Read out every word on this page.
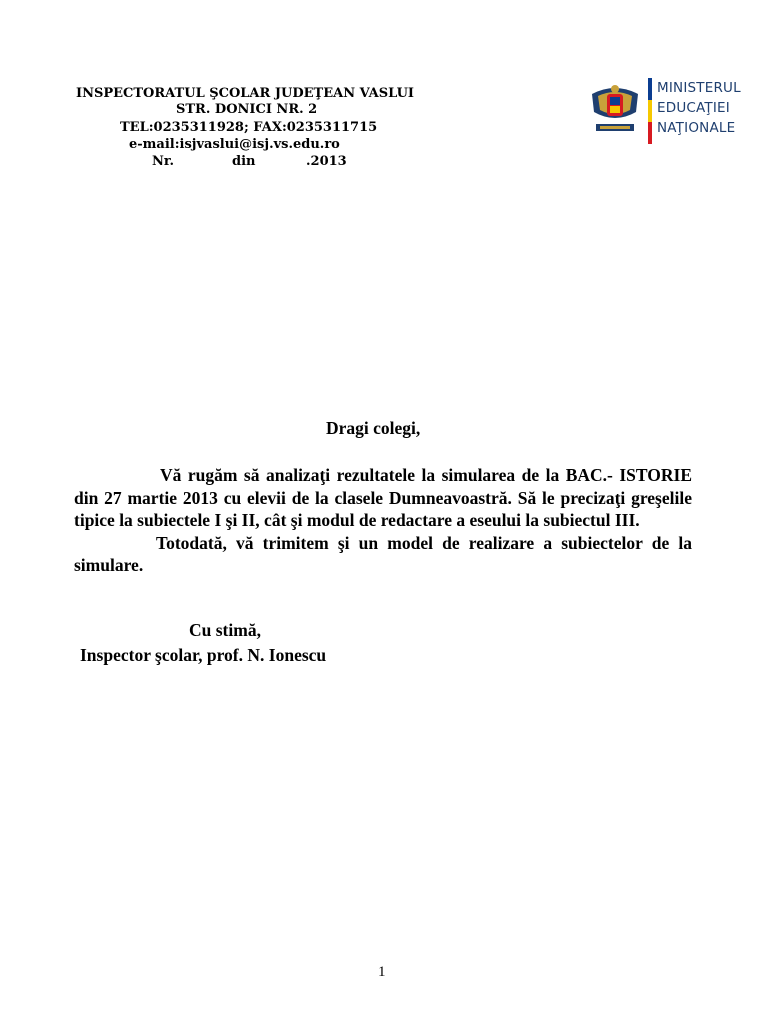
INSPECTORATUL ŞCOLAR JUDEŢEAN VASLUI
STR. DONICI NR. 2
TEL:0235311928; FAX:0235311715
e-mail:isjvaslui@isj.vs.edu.ro
Nr.	din	.2013
MINISTERUL
EDUCAŢIEI
NAŢIONALE
Dragi colegi,

Vă rugăm să analizaţi rezultatele la simularea de la BAC.- ISTORIE din 27 martie 2013 cu elevii de la clasele Dumneavoastră. Să le precizaţi greşelile tipice la subiectele I şi II, cât şi modul de redactare a eseului la subiectul III.

Totodată, vă trimitem şi un model de realizare a subiectelor de la simulare.

Cu stimă,
Inspector şcolar, prof. N. Ionescu
1
